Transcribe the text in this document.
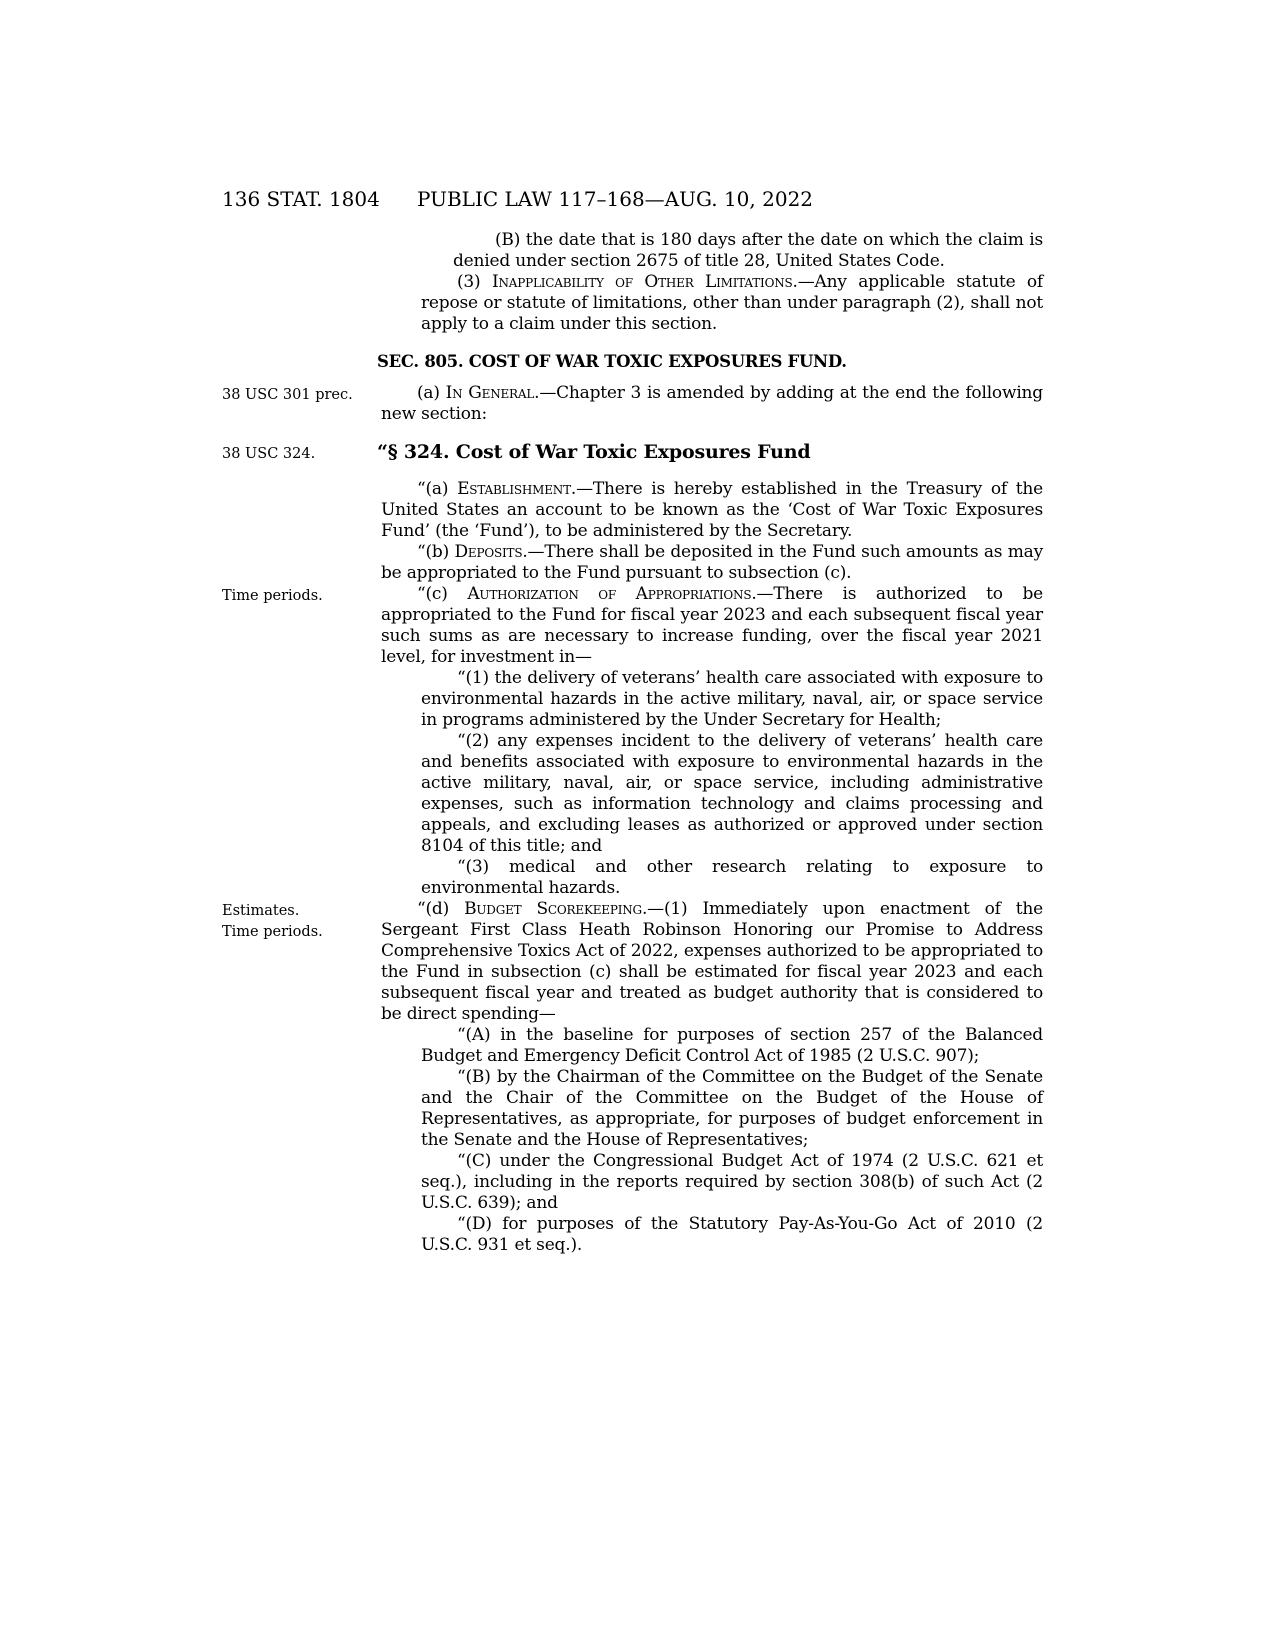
136 STAT. 1804 PUBLIC LAW 117–168—AUG. 10, 2022

(B) the date that is 180 days after the date on which the claim is denied under section 2675 of title 28, United States Code.

(3) Inapplicability of Other Limitations.—Any applicable statute of repose or statute of limitations, other than under paragraph (2), shall not apply to a claim under this section.

SEC. 805. COST OF WAR TOXIC EXPOSURES FUND.

(a) In General.—Chapter 3 is amended by adding at the end the following new section:
38 USC 301 prec.

“§ 324. Cost of War Toxic Exposures Fund
38 USC 324.

“(a) Establishment.—There is hereby established in the Treasury of the United States an account to be known as the ‘Cost of War Toxic Exposures Fund’ (the ‘Fund’), to be administered by the Secretary.

“(b) Deposits.—There shall be deposited in the Fund such amounts as may be appropriated to the Fund pursuant to subsection (c).

“(c) Authorization of Appropriations.—There is authorized to be appropriated to the Fund for fiscal year 2023 and each subsequent fiscal year such sums as are necessary to increase funding, over the fiscal year 2021 level, for investment in—
Time periods.

“(1) the delivery of veterans’ health care associated with exposure to environmental hazards in the active military, naval, air, or space service in programs administered by the Under Secretary for Health;

“(2) any expenses incident to the delivery of veterans’ health care and benefits associated with exposure to environmental hazards in the active military, naval, air, or space service, including administrative expenses, such as information technology and claims processing and appeals, and excluding leases as authorized or approved under section 8104 of this title; and

“(3) medical and other research relating to exposure to environmental hazards.

“(d) Budget Scorekeeping.—(1) Immediately upon enactment of the Sergeant First Class Heath Robinson Honoring our Promise to Address Comprehensive Toxics Act of 2022, expenses authorized to be appropriated to the Fund in subsection (c) shall be estimated for fiscal year 2023 and each subsequent fiscal year and treated as budget authority that is considered to be direct spending—
Estimates.
Time periods.

“(A) in the baseline for purposes of section 257 of the Balanced Budget and Emergency Deficit Control Act of 1985 (2 U.S.C. 907);

“(B) by the Chairman of the Committee on the Budget of the Senate and the Chair of the Committee on the Budget of the House of Representatives, as appropriate, for purposes of budget enforcement in the Senate and the House of Representatives;

“(C) under the Congressional Budget Act of 1974 (2 U.S.C. 621 et seq.), including in the reports required by section 308(b) of such Act (2 U.S.C. 639); and

“(D) for purposes of the Statutory Pay-As-You-Go Act of 2010 (2 U.S.C. 931 et seq.).
